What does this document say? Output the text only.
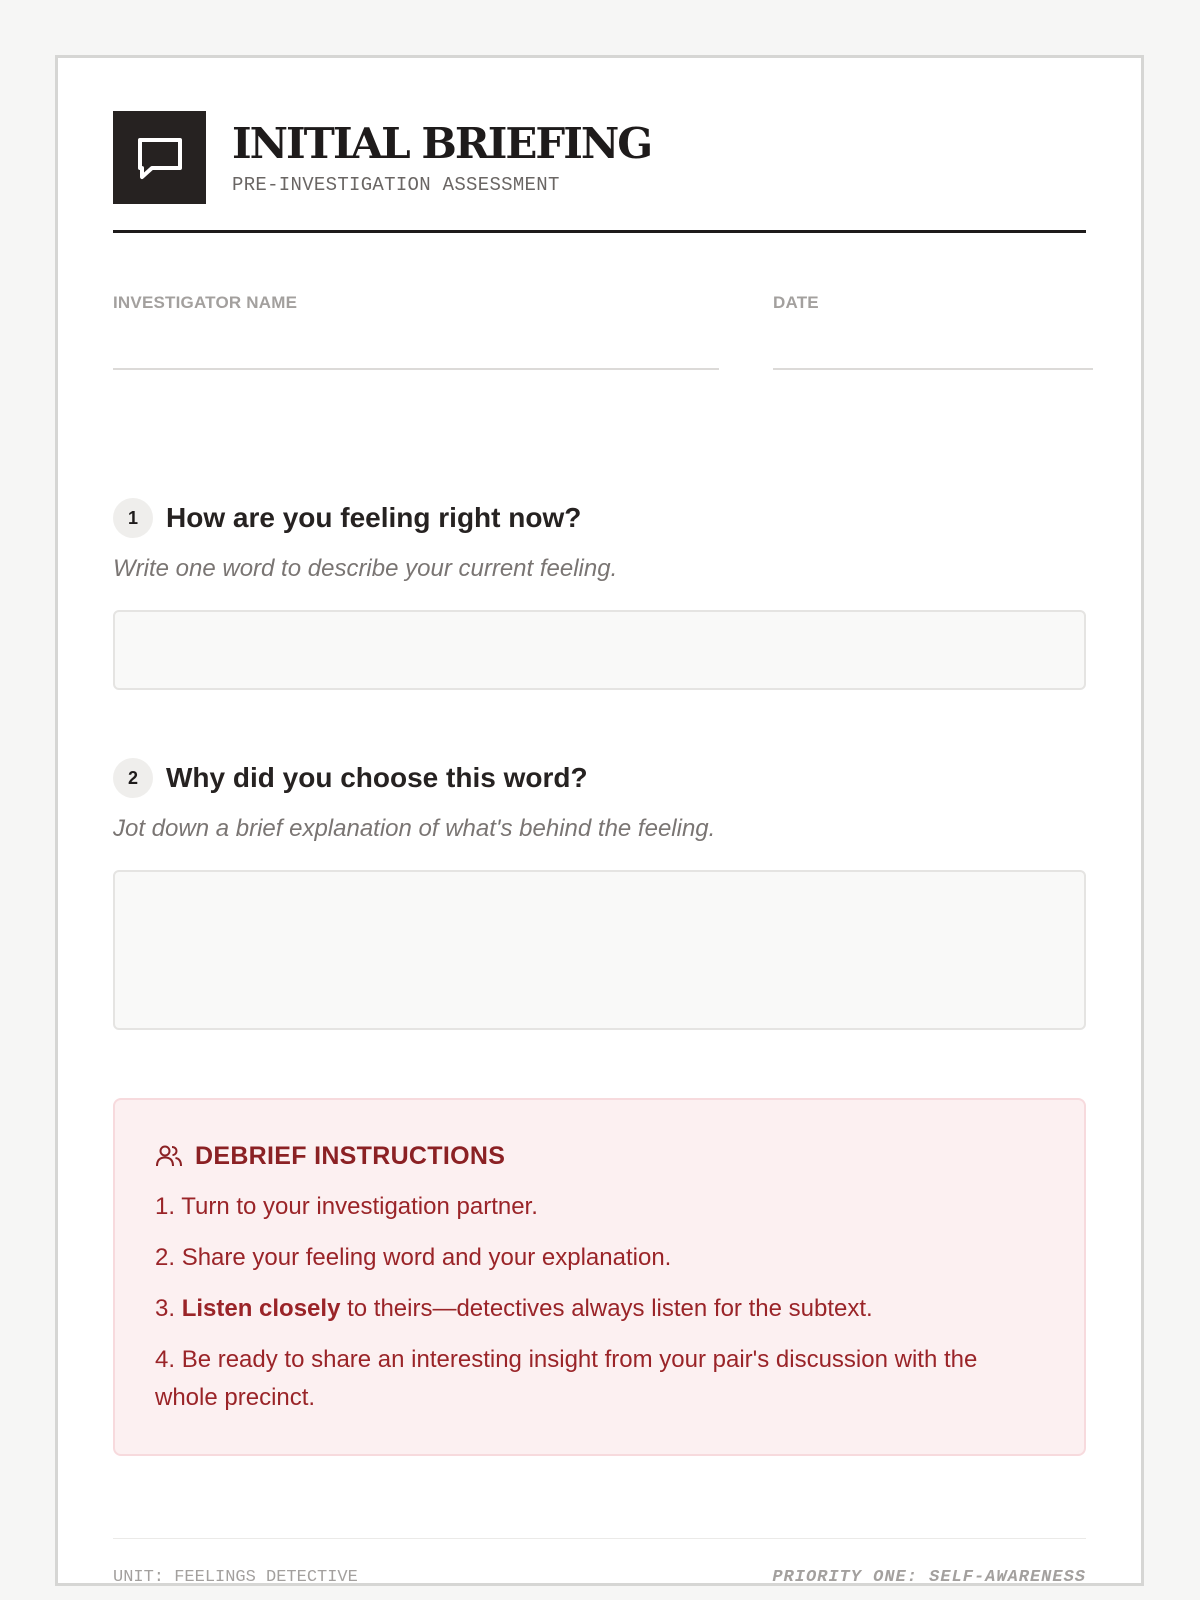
INITIAL BRIEFING
PRE-INVESTIGATION ASSESSMENT
INVESTIGATOR NAME	DATE
1	How are you feeling right now?
Write one word to describe your current feeling.
2	Why did you choose this word?
Jot down a brief explanation of what's behind the feeling.
DEBRIEF INSTRUCTIONS
1. Turn to your investigation partner.
2. Share your feeling word and your explanation.
3. Listen closely to theirs—detectives always listen for the subtext.
4. Be ready to share an interesting insight from your pair's discussion with the whole precinct.
UNIT: FEELINGS DETECTIVE	PRIORITY ONE: SELF-AWARENESS
